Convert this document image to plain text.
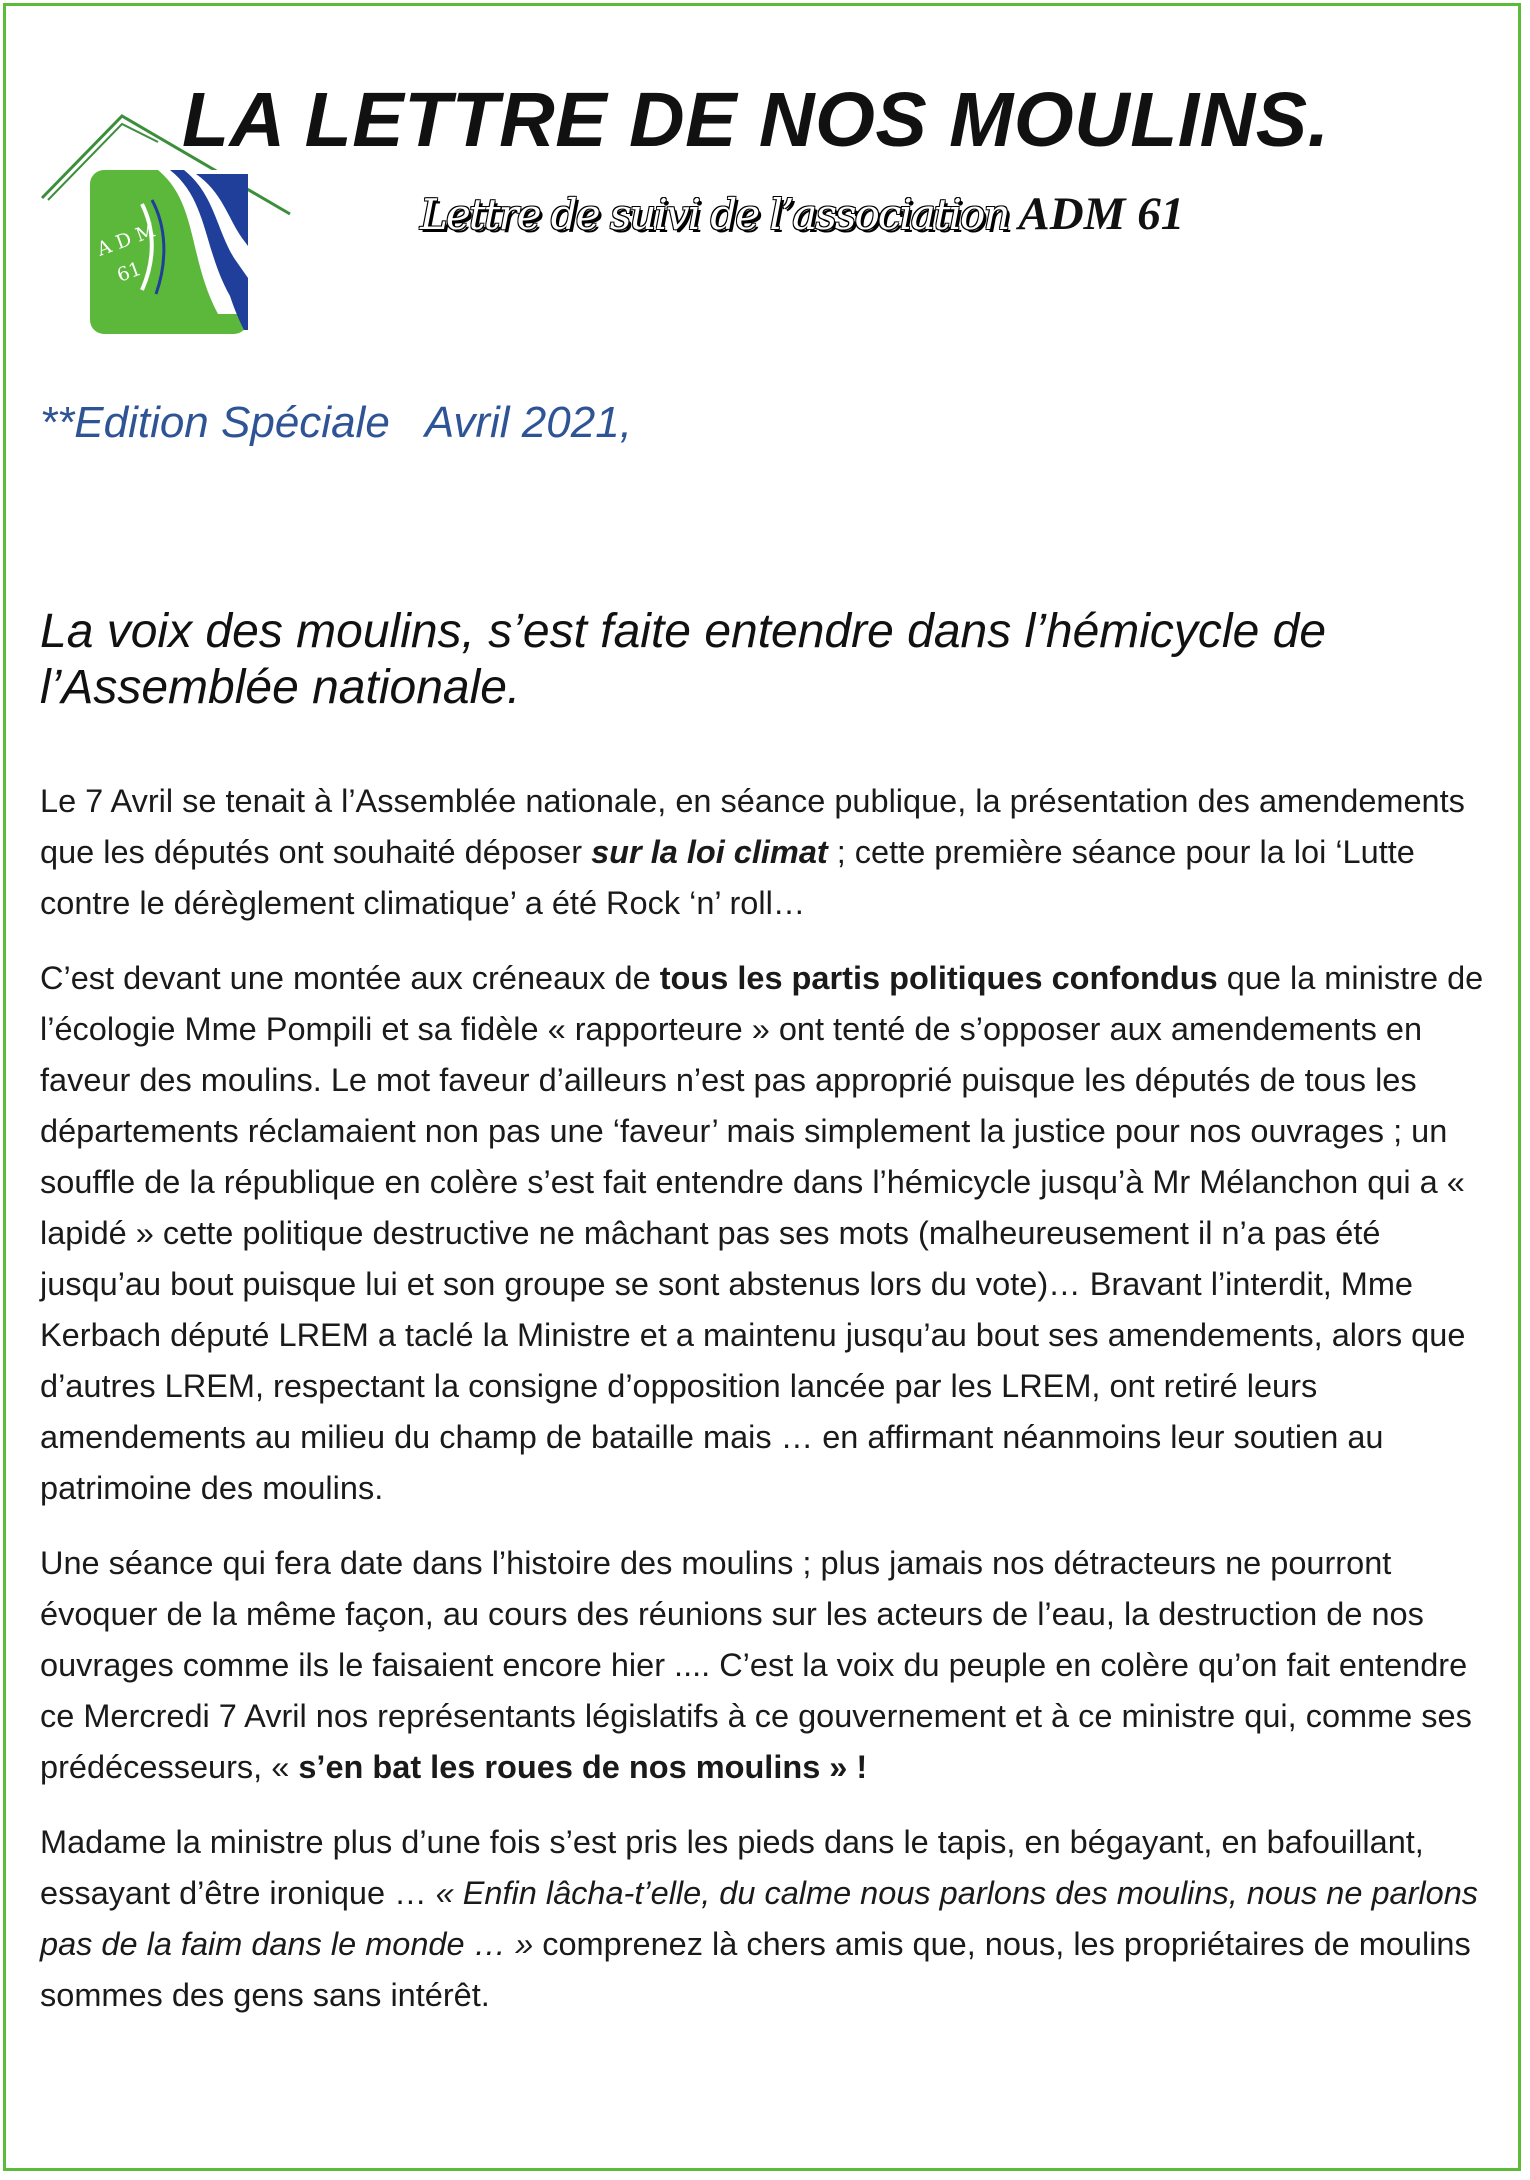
A D M
61
LA LETTRE DE NOS MOULINS.
Lettre de suivi de l’association ADM 61
**Edition Spéciale   Avril 2021,
La voix des moulins, s’est faite entendre dans l’hémicycle de l’Assemblée nationale.

Le 7 Avril se tenait à l’Assemblée nationale, en séance publique, la présentation des amendements que les députés ont souhaité déposer sur la loi climat ; cette première séance pour la loi ‘Lutte contre le dérèglement climatique’ a été Rock ‘n’ roll…

C’est devant une montée aux créneaux de tous les partis politiques confondus que la ministre de l’écologie Mme Pompili et sa fidèle « rapporteure » ont tenté de s’opposer aux amendements en faveur des moulins. Le mot faveur d’ailleurs n’est pas approprié puisque les députés de tous les départements réclamaient non pas une ‘faveur’ mais simplement la justice pour nos ouvrages ; un souffle de la république en colère s’est fait entendre dans l’hémicycle jusqu’à Mr Mélanchon qui a « lapidé » cette politique destructive ne mâchant pas ses mots (malheureusement il n’a pas été jusqu’au bout puisque lui et son groupe se sont abstenus lors du vote)… Bravant l’interdit, Mme Kerbach député LREM a taclé la Ministre et a maintenu jusqu’au bout ses amendements, alors que d’autres LREM, respectant la consigne d’opposition lancée par les LREM, ont retiré leurs amendements au milieu du champ de bataille mais … en affirmant néanmoins leur soutien au patrimoine des moulins.

Une séance qui fera date dans l’histoire des moulins ; plus jamais nos détracteurs ne pourront évoquer de la même façon, au cours des réunions sur les acteurs de l’eau, la destruction de nos ouvrages comme ils le faisaient encore hier .... C’est la voix du peuple en colère qu’on fait entendre ce Mercredi 7 Avril nos représentants législatifs à ce gouvernement et à ce ministre qui, comme ses prédécesseurs, « s’en bat les roues de nos moulins » !

Madame la ministre plus d’une fois s’est pris les pieds dans le tapis, en bégayant, en bafouillant, essayant d’être ironique … « Enfin lâcha-t’elle, du calme nous parlons des moulins, nous ne parlons pas de la faim dans le monde … » comprenez là chers amis que, nous, les propriétaires de moulins sommes des gens sans intérêt.
